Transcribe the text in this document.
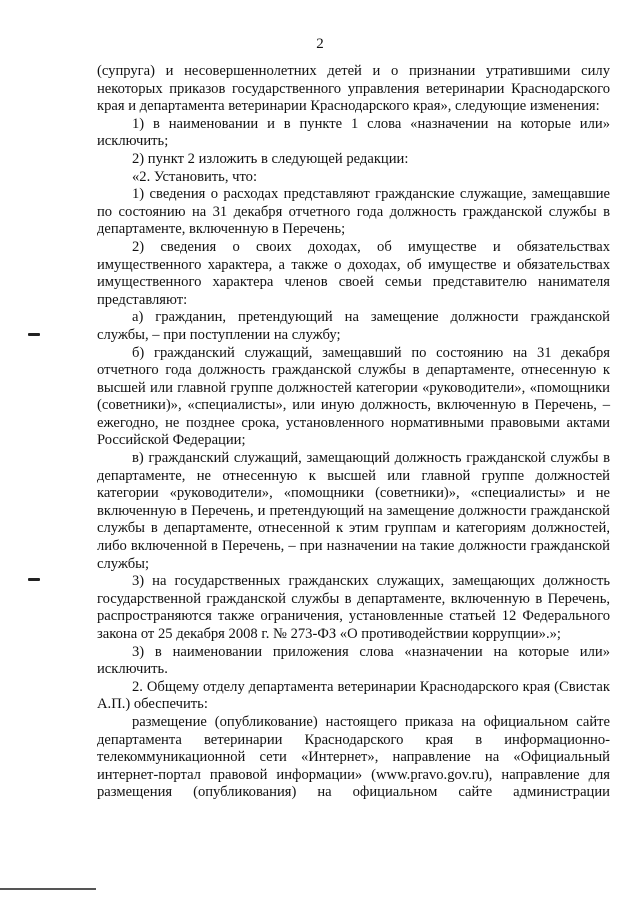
2

(супруга) и несовершеннолетних детей и о признании утратившими силу некоторых приказов государственного управления ветеринарии Краснодарского края и департамента ветеринарии Краснодарского края», следующие изменения:

1) в наименовании и в пункте 1 слова «назначении на которые или» исключить;

2) пункт 2 изложить в следующей редакции:

«2. Установить, что:

1) сведения о расходах представляют гражданские служащие, замещавшие по состоянию на 31 декабря отчетного года должность гражданской службы в департаменте, включенную в Перечень;

2) сведения о своих доходах, об имуществе и обязательствах имущественного характера, а также о доходах, об имуществе и обязательствах имущественного характера членов своей семьи представителю нанимателя представляют:

а) гражданин, претендующий на замещение должности гражданской службы, – при поступлении на службу;

б) гражданский служащий, замещавший по состоянию на 31 декабря отчетного года должность гражданской службы в департаменте, отнесенную к высшей или главной группе должностей категории «руководители», «помощники (советники)», «специалисты», или иную должность, включенную в Перечень, – ежегодно, не позднее срока, установленного нормативными правовыми актами Российской Федерации;

в) гражданский служащий, замещающий должность гражданской службы в департаменте, не отнесенную к высшей или главной группе должностей категории «руководители», «помощники (советники)», «специалисты» и не включенную в Перечень, и претендующий на замещение должности гражданской службы в департаменте, отнесенной к этим группам и категориям должностей, либо включенной в Перечень, – при назначении на такие должности гражданской службы;

3) на государственных гражданских служащих, замещающих должность государственной гражданской службы в департаменте, включенную в Перечень, распространяются также ограничения, установленные статьей 12 Федерального закона от 25 декабря 2008 г. № 273-ФЗ «О противодействии коррупции».»;

3) в наименовании приложения слова «назначении на которые или» исключить.

2. Общему отделу департамента ветеринарии Краснодарского края (Свистак А.П.) обеспечить:

размещение (опубликование) настоящего приказа на официальном сайте департамента ветеринарии Краснодарского края в информационно-телекоммуникационной сети «Интернет», направление на «Официальный интернет-портал правовой информации» (www.pravo.gov.ru), направление для размещения (опубликования) на официальном сайте администрации
